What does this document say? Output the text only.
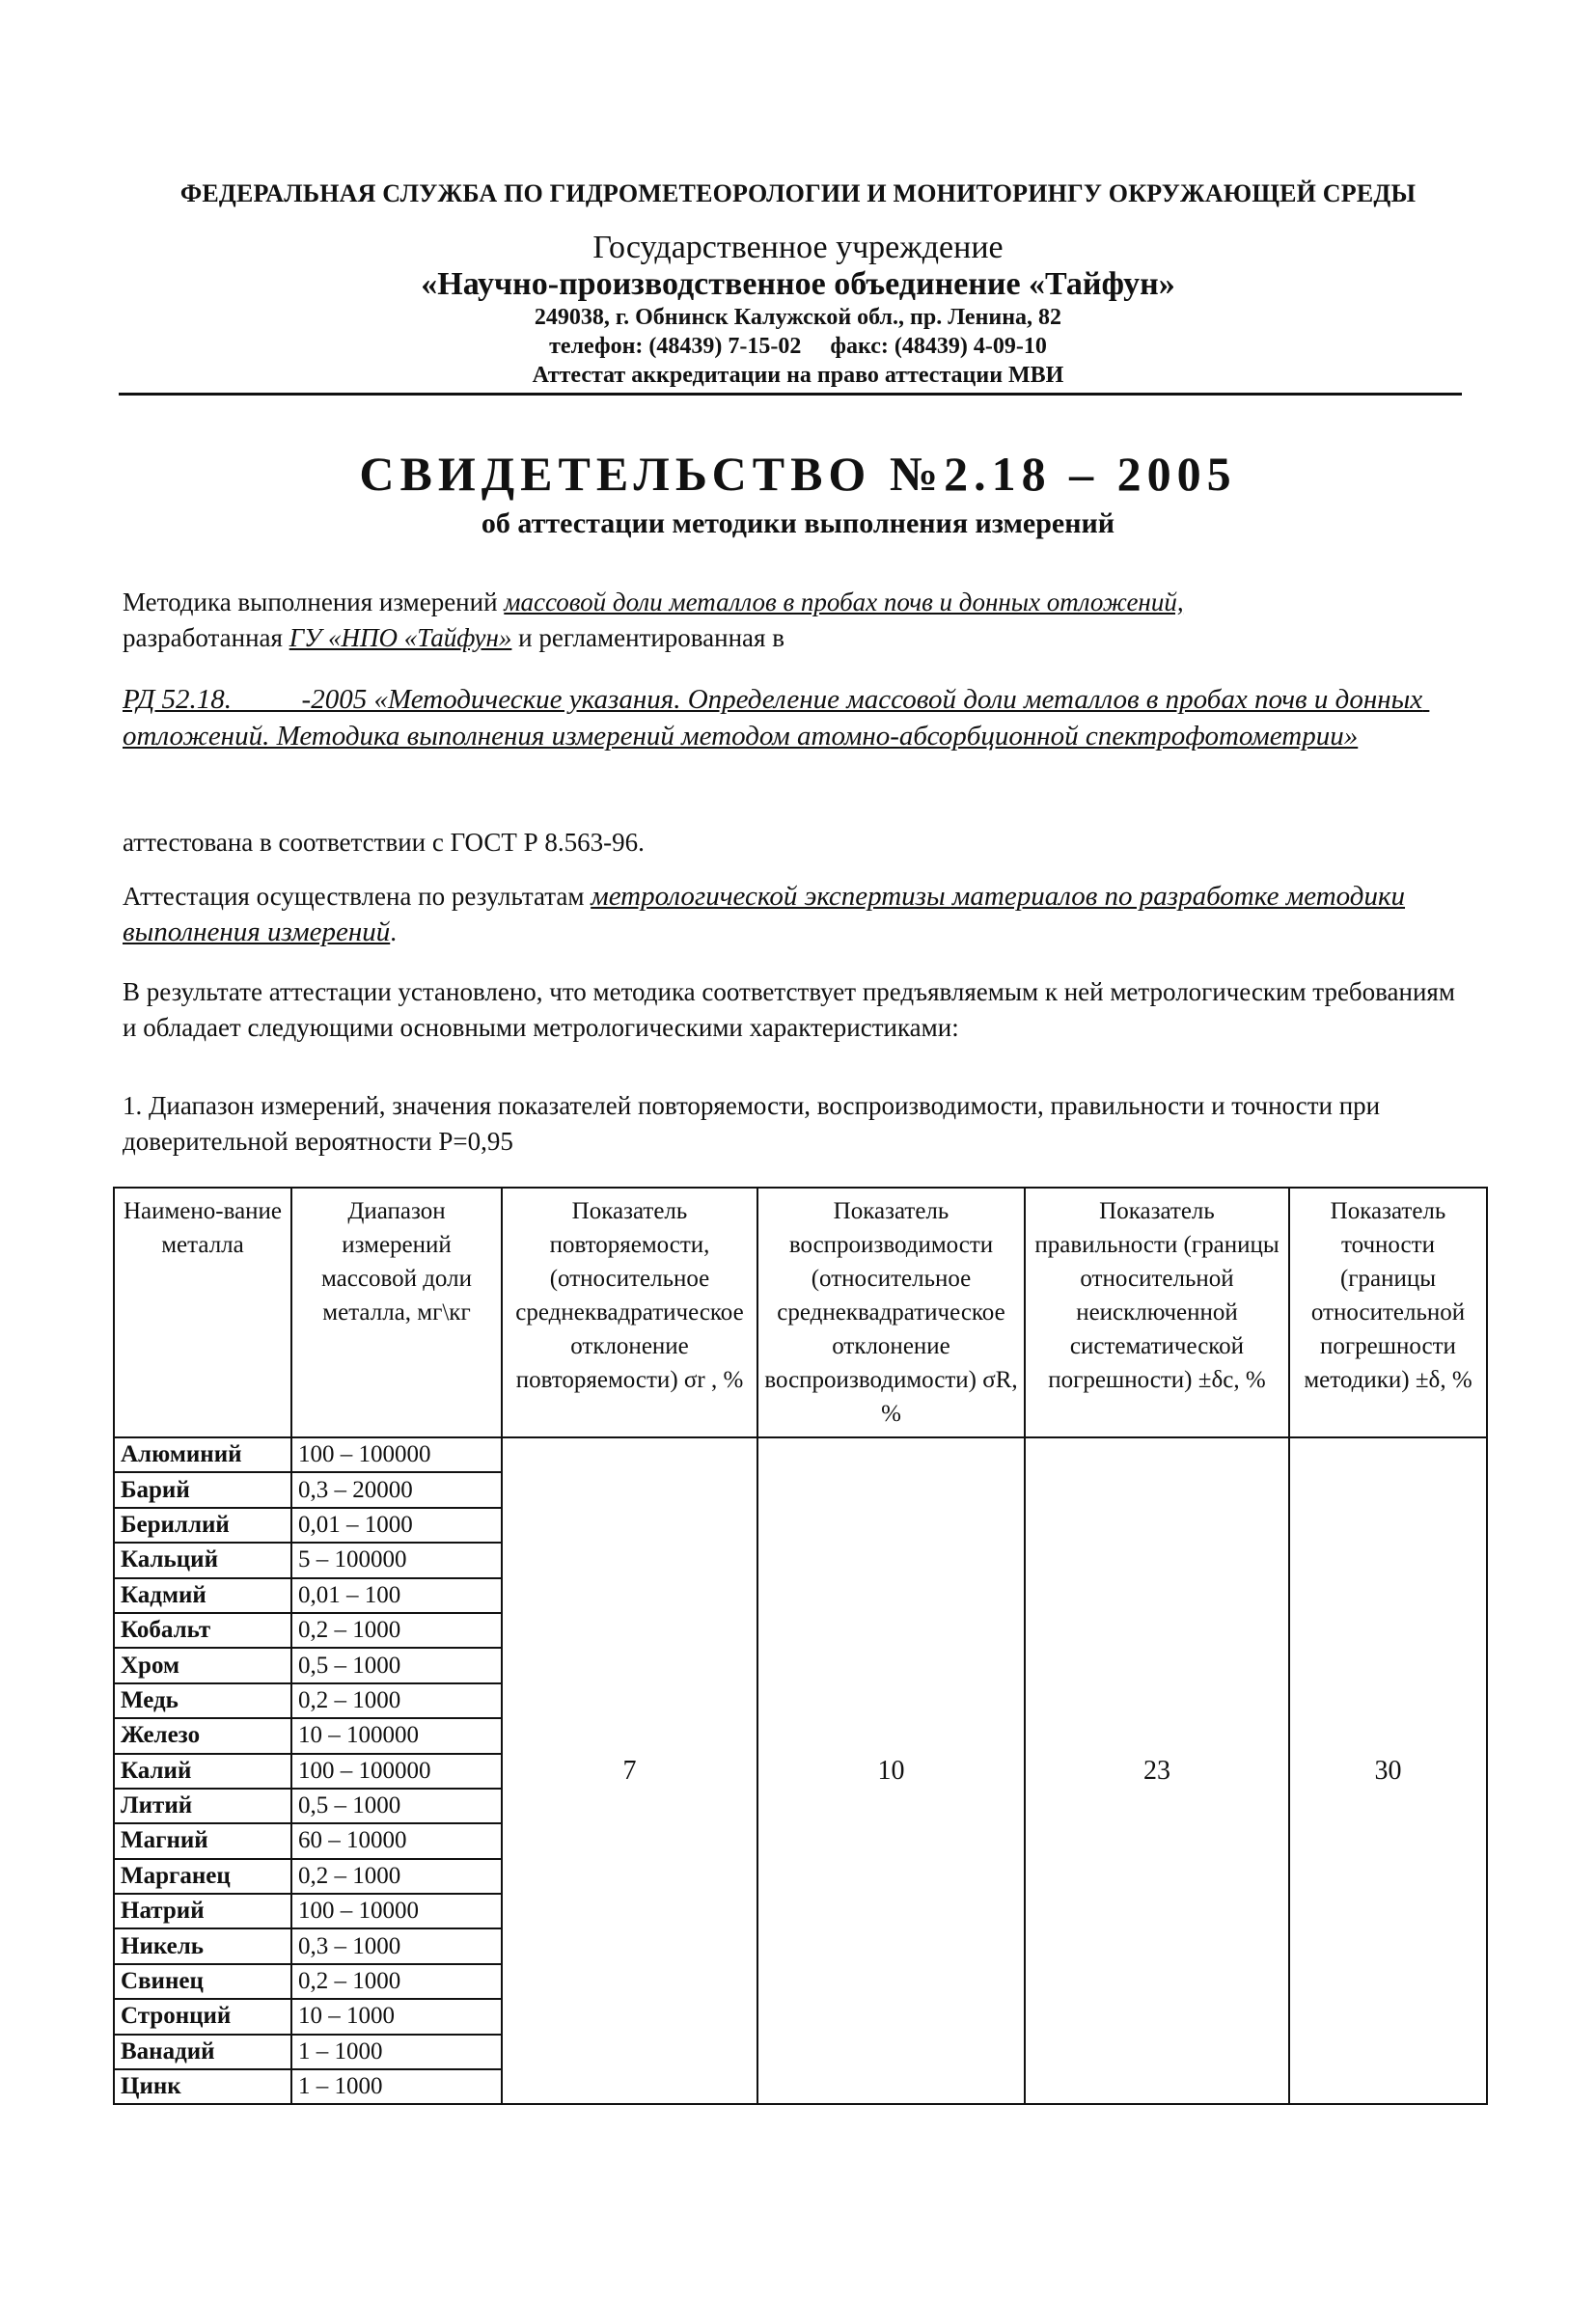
ФЕДЕРАЛЬНАЯ СЛУЖБА ПО ГИДРОМЕТЕОРОЛОГИИ И МОНИТОРИНГУ ОКРУЖАЮЩЕЙ СРЕДЫ
Государственное учреждение
«Научно-производственное объединение «Тайфун»
249038, г. Обнинск Калужской обл., пр. Ленина, 82
телефон: (48439) 7-15-02     факс: (48439) 4-09-10
Аттестат аккредитации на право аттестации МВИ
СВИДЕТЕЛЬСТВО №2.18 – 2005
об аттестации методики выполнения измерений
Методика выполнения измерений массовой доли металлов в пробах почв и донных отложений,
разработанная ГУ «НПО «Тайфун» и регламентированная в
РД 52.18.          -2005 «Методические указания. Определение массовой доли металлов в пробах почв и донных отложений. Методика выполнения измерений методом атомно-абсорбционной спектрофотометрии»
аттестована в соответствии с ГОСТ Р 8.563-96.
Аттестация осуществлена по результатам метрологической экспертизы материалов по разработке методики выполнения измерений.
В результате аттестации установлено, что методика соответствует предъявляемым к ней метрологическим требованиям и обладает следующими основными метрологическими характеристиками:
1. Диапазон измерений, значения показателей повторяемости, воспроизводимости, правильности и точности при доверительной вероятности Р=0,95
Наимено-вание металла	Диапазон измерений массовой доли металла, мг\кг	Показатель повторяемости, (относительное среднеквадратическое отклонение повторяемости) σr , %	Показатель воспроизводимости (относительное среднеквадратическое отклонение воспроизводимости) σR, %	Показатель правильности (границы относительной неисключенной систематической погрешности) ±δc, %	Показатель точности (границы относительной погрешности методики) ±δ, %
Алюминий	100 – 100000	7	10	23	30
Барий	0,3 – 20000				
Бериллий	0,01 – 1000				
Кальций	5 – 100000				
Кадмий	0,01 – 100				
Кобальт	0,2 – 1000				
Хром	0,5 – 1000				
Медь	0,2 – 1000				
Железо	10 – 100000				
Калий	100 – 100000				
Литий	0,5 – 1000				
Магний	60 – 10000				
Марганец	0,2 – 1000				
Натрий	100 – 10000				
Никель	0,3 – 1000				
Свинец	0,2 – 1000				
Стронций	10 – 1000				
Ванадий	1 – 1000				
Цинк	1 – 1000				
